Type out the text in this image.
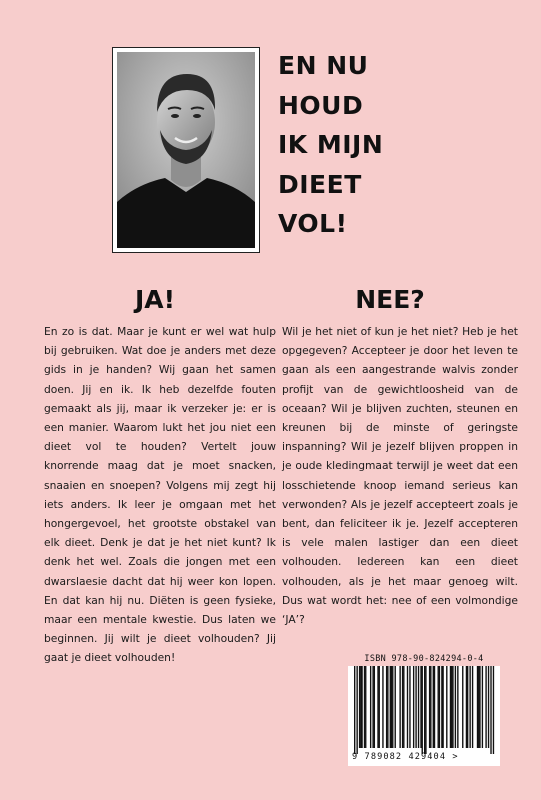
EN NU
HOUD
IK MIJN
DIEET
VOL!
JA!	NEE?
En zo is dat. Maar je kunt er wel wat hulp bij gebruiken. Wat doe je anders met deze gids in je handen? Wij gaan het samen doen. Jij en ik. Ik heb dezelfde fouten gemaakt als jij, maar ik verzeker je: er is een manier. Waarom lukt het jou niet een dieet vol te houden? Vertelt jouw knorrende maag dat je moet snacken, snaaien en snoepen? Volgens mij zegt hij iets anders. Ik leer je omgaan met het hongergevoel, het grootste obstakel van elk dieet. Denk je dat je het niet kunt? Ik denk het wel. Zoals die jongen met een dwarslaesie dacht dat hij weer kon lopen. En dat kan hij nu. Diëten is geen fysieke, maar een mentale kwestie. Dus laten we beginnen. Jij wilt je dieet volhouden? Jij gaat je dieet volhouden!
Wil je het niet of kun je het niet? Heb je het opgegeven? Accepteer je door het leven te gaan als een aangestrande walvis zonder profijt van de gewichtloosheid van de oceaan? Wil je blijven zuchten, steunen en kreunen bij de minste of geringste inspanning? Wil je jezelf blijven proppen in je oude kledingmaat terwijl je weet dat een losschietende knoop iemand serieus kan verwonden? Als je jezelf accepteert zoals je bent, dan feliciteer ik je. Jezelf accepteren is vele malen lastiger dan een dieet volhouden. Iedereen kan een dieet volhouden, als je het maar genoeg wilt. Dus wat wordt het: nee of een volmondige ‘JA’?
ISBN 978-90-824294-0-4
9 789082 429404 >
